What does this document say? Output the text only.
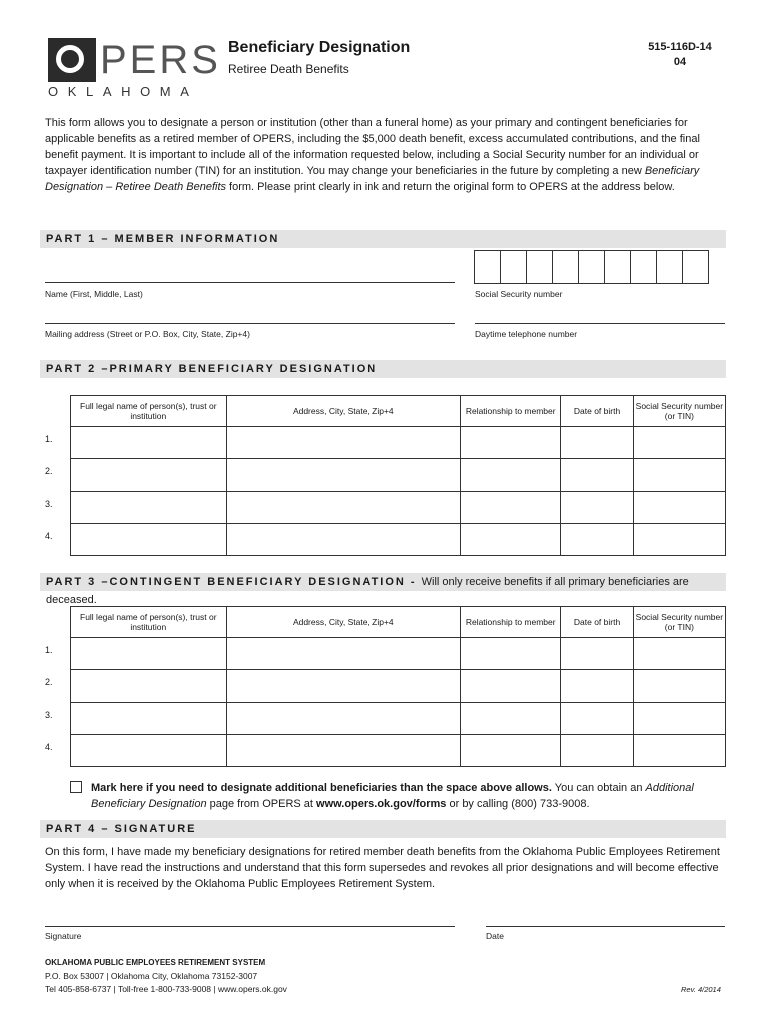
PERS
OKLAHOMA
Beneficiary Designation
Retiree Death Benefits
515-116D-14
04
This form allows you to designate a person or institution (other than a funeral home) as your primary and contingent beneficiaries for applicable benefits as a retired member of OPERS, including the $5,000 death benefit, excess accumulated contributions, and the final benefit payment. It is important to include all of the information requested below, including a Social Security number for an individual or taxpayer identification number (TIN) for an institution. You may change your beneficiaries in the future by completing a new Beneficiary Designation – Retiree Death Benefits form. Please print clearly in ink and return the original form to OPERS at the address below.
PART 1 – MEMBER INFORMATION
Name (First, Middle, Last)	Social Security number
Mailing address (Street or P.O. Box, City, State, Zip+4)	Daytime telephone number
PART 2 –PRIMARY BENEFICIARY DESIGNATION
Full legal name of person(s), trust or institution	Address, City, State, Zip+4	Relationship to member	Date of birth	Social Security number (or TIN)

1.
2.
3.
4.
PART 3 –CONTINGENT BENEFICIARY DESIGNATION - Will only receive benefits if all primary beneficiaries are deceased.
Full legal name of person(s), trust or institution	Address, City, State, Zip+4	Relationship to member	Date of birth	Social Security number (or TIN)

1.
2.
3.
4.
Mark here if you need to designate additional beneficiaries than the space above allows. You can obtain an Additional Beneficiary Designation page from OPERS at www.opers.ok.gov/forms or by calling (800) 733-9008.
PART 4 – SIGNATURE
On this form, I have made my beneficiary designations for retired member death benefits from the Oklahoma Public Employees Retirement System. I have read the instructions and understand that this form supersedes and revokes all prior designations and will become effective only when it is received by the Oklahoma Public Employees Retirement System.
Signature	Date
OKLAHOMA PUBLIC EMPLOYEES RETIREMENT SYSTEM
P.O. Box 53007 | Oklahoma City, Oklahoma 73152-3007
Tel 405-858-6737 | Toll-free 1-800-733-9008 | www.opers.ok.gov	Rev. 4/2014
